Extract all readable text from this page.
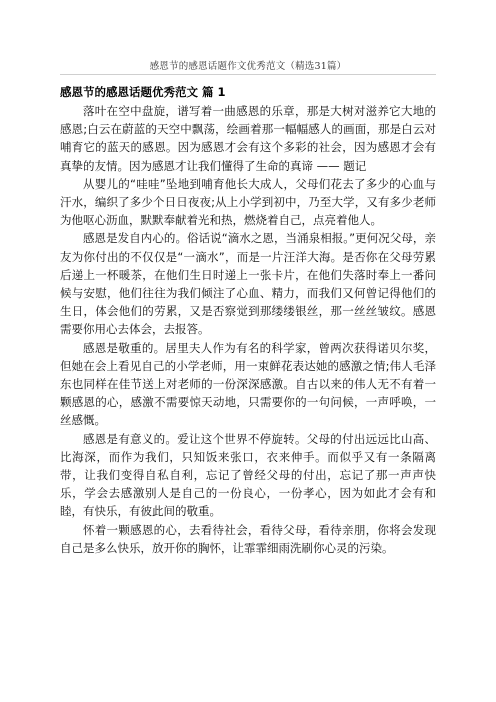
感恩节的感恩话题作文优秀范文（精选31篇）
感恩节的感恩话题优秀范文 篇 1

落叶在空中盘旋，谱写着一曲感恩的乐章，那是大树对滋养它大地的感恩;白云在蔚蓝的天空中飘荡，绘画着那一幅幅感人的画面，那是白云对哺育它的蓝天的感恩。因为感恩才会有这个多彩的社会，因为感恩才会有真挚的友情。因为感恩才让我们懂得了生命的真谛 —— 题记

从婴儿的“哇哇”坠地到哺育他长大成人，父母们花去了多少的心血与汗水，编织了多少个日日夜夜;从上小学到初中，乃至大学，又有多少老师为他呕心沥血，默默奉献着光和热，燃烧着自己，点亮着他人。

感恩是发自内心的。俗话说“滴水之恩，当涌泉相报。”更何况父母，亲友为你付出的不仅仅是“一滴水”，而是一片汪洋大海。是否你在父母劳累后递上一杯暖茶，在他们生日时递上一张卡片，在他们失落时奉上一番问候与安慰，他们往往为我们倾注了心血、精力，而我们又何曾记得他们的生日，体会他们的劳累，又是否察觉到那缕缕银丝，那一丝丝皱纹。感恩需要你用心去体会，去报答。

感恩是敬重的。居里夫人作为有名的科学家，曾两次获得诺贝尔奖，但她在会上看见自己的小学老师，用一束鲜花表达她的感激之情;伟人毛泽东也同样在佳节送上对老师的一份深深感激。自古以来的伟人无不有着一颗感恩的心，感激不需要惊天动地，只需要你的一句问候，一声呼唤，一丝感慨。

感恩是有意义的。爱让这个世界不停旋转。父母的付出远远比山高、比海深，而作为我们，只知饭来张口，衣来伸手。而似乎又有一条隔离带，让我们变得自私自利，忘记了曾经父母的付出，忘记了那一声声快乐，学会去感激别人是自己的一份良心，一份孝心，因为如此才会有和睦，有快乐，有彼此间的敬重。

怀着一颗感恩的心，去看待社会，看待父母，看待亲朋，你将会发现自己是多么快乐，放开你的胸怀，让霏霏细雨洗刷你心灵的污染。
